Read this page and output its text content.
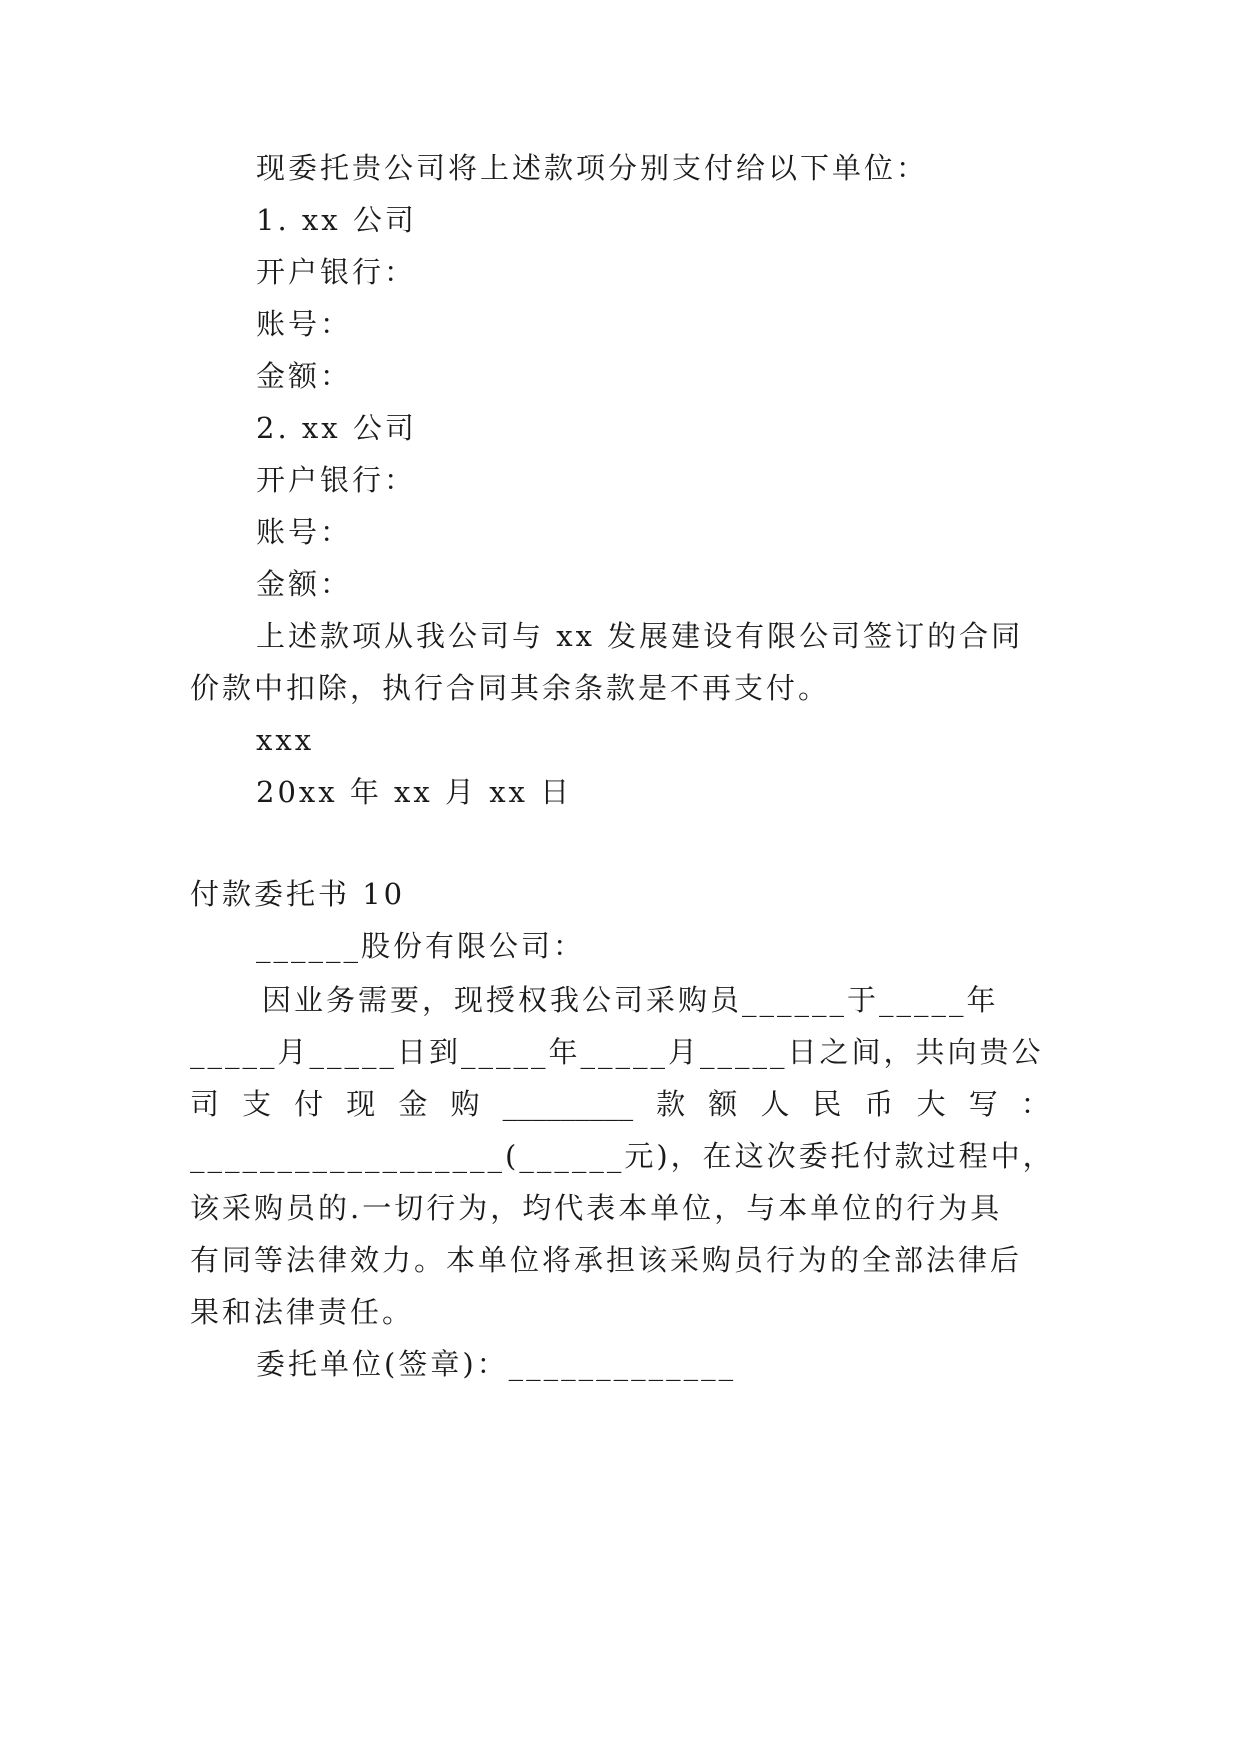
现委托贵公司将上述款项分别支付给以下单位：
1. xx 公司
开户银行：
账号：
金额：
2. xx 公司
开户银行：
账号：
金额：
上述款项从我公司与 xx 发展建设有限公司签订的合同
价款中扣除，执行合同其余条款是不再支付。
xxx
20xx 年 xx 月 xx 日
付款委托书 10
______股份有限公司：
因业务需要，现授权我公司采购员______于_____年
_____月_____日到_____年_____月_____日之间，共向贵公
司 支 付 现 金 购 _________ 款 额 人 民 币 大 写 ：
__________________(______元)，在这次委托付款过程中，
该采购员的.一切行为，均代表本单位，与本单位的行为具
有同等法律效力。本单位将承担该采购员行为的全部法律后
果和法律责任。
委托单位(签章)：_____________
